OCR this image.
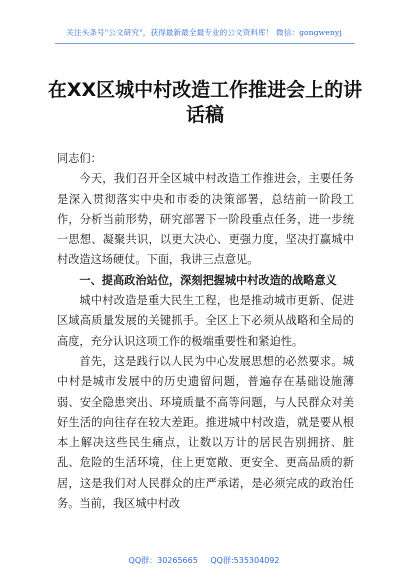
关注头条号"公文研究"，获得最新最全最专业的公文资料库！ 微信：gongwenyj
在XX区城中村改造工作推进会上的讲话稿

同志们：

今天，我们召开全区城中村改造工作推进会，主要任务是深入贯彻落实中央和市委的决策部署，总结前一阶段工作，分析当前形势，研究部署下一阶段重点任务，进一步统一思想、凝聚共识，以更大决心、更强力度，坚决打赢城中村改造这场硬仗。下面，我讲三点意见。

一、提高政治站位，深刻把握城中村改造的战略意义

城中村改造是重大民生工程，也是推动城市更新、促进区域高质量发展的关键抓手。全区上下必须从战略和全局的高度，充分认识这项工作的极端重要性和紧迫性。

首先，这是践行以人民为中心发展思想的必然要求。城中村是城市发展中的历史遗留问题，普遍存在基础设施薄弱、安全隐患突出、环境质量不高等问题，与人民群众对美好生活的向往存在较大差距。推进城中村改造，就是要从根本上解决这些民生痛点，让数以万计的居民告别拥挤、脏乱、危险的生活环境，住上更宽敞、更安全、更高品质的新居，这是我们对人民群众的庄严承诺，是必须完成的政治任务。当前，我区城中村改

QQ群：30265665 QQ群:535304092
